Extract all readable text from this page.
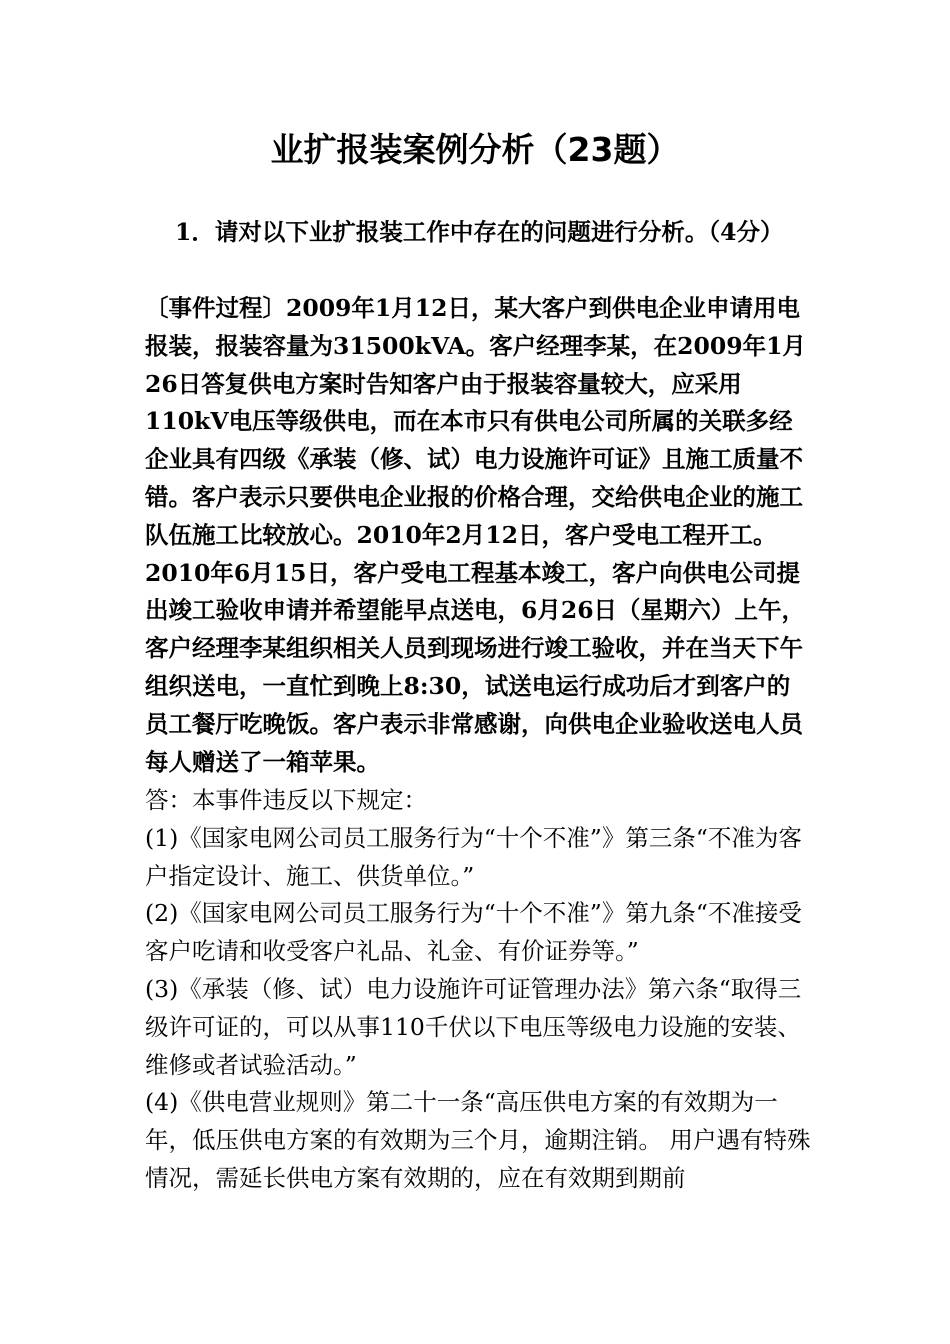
业扩报装案例分析（23题）

1．请对以下业扩报装工作中存在的问题进行分析。（4分）

〔事件过程〕2009年1月12日，某大客户到供电企业申请用电报装，报装容量为31500kVA。客户经理李某，在2009年1月26日答复供电方案时告知客户由于报装容量较大，应采用110kV电压等级供电，而在本市只有供电公司所属的关联多经企业具有四级《承装（修、试）电力设施许可证》且施工质量不错。客户表示只要供电企业报的价格合理，交给供电企业的施工队伍施工比较放心。2010年2月12日，客户受电工程开工。2010年6月15日，客户受电工程基本竣工，客户向供电公司提出竣工验收申请并希望能早点送电，6月26日（星期六）上午，客户经理李某组织相关人员到现场进行竣工验收，并在当天下午组织送电，一直忙到晚上8:30，试送电运行成功后才到客户的员工餐厅吃晚饭。客户表示非常感谢，向供电企业验收送电人员每人赠送了一箱苹果。

答：本事件违反以下规定：

(1)《国家电网公司员工服务行为“十个不准”》第三条“不准为客户指定设计、施工、供货单位。”

(2)《国家电网公司员工服务行为“十个不准”》第九条“不准接受客户吃请和收受客户礼品、礼金、有价证券等。”

(3)《承装（修、试）电力设施许可证管理办法》第六条“取得三级许可证的，可以从事110千伏以下电压等级电力设施的安装、维修或者试验活动。”

(4)《供电营业规则》第二十一条“高压供电方案的有效期为一年，低压供电方案的有效期为三个月，逾期注销。 用户遇有特殊情况，需延长供电方案有效期的，应在有效期到期前
